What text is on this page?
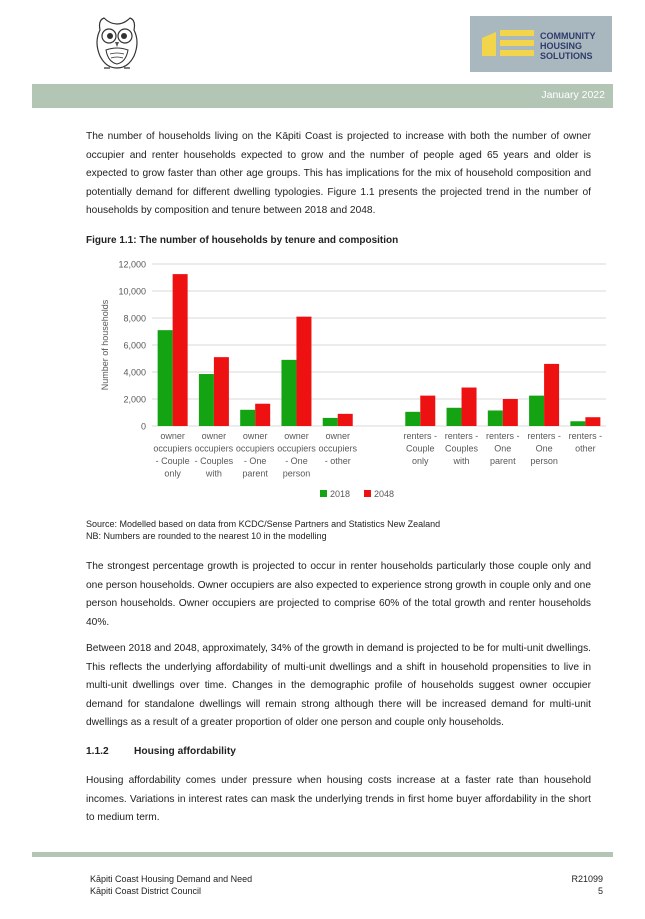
COMMUNITY
HOUSING
SOLUTIONS
January 2022
The number of households living on the Kāpiti Coast is projected to increase with both the number of owner occupier and renter households expected to grow and the number of people aged 65 years and older is expected to grow faster than other age groups. This has implications for the mix of household composition and potentially demand for different dwelling typologies. Figure 1.1 presents the projected trend in the number of households by composition and tenure between 2018 and 2048.
Figure 1.1: The number of households by tenure and composition
0
2,000
4,000
6,000
8,000
10,000
12,000
Number of households
owner
occupiers
- Couple
only
owner
occupiers
- Couples
with
owner
occupiers
- One
parent
owner
occupiers
- One
person
owner
occupiers
- other
renters -
Couple
only
renters -
Couples
with
renters -
One
parent
renters -
One
person
renters -
other
2018	2048
Source: Modelled based on data from KCDC/Sense Partners and Statistics New Zealand
NB: Numbers are rounded to the nearest 10 in the modelling
The strongest percentage growth is projected to occur in renter households particularly those couple only and one person households. Owner occupiers are also expected to experience strong growth in couple only and one person households. Owner occupiers are projected to comprise 60% of the total growth and renter households 40%.
Between 2018 and 2048, approximately, 34% of the growth in demand is projected to be for multi-unit dwellings. This reflects the underlying affordability of multi-unit dwellings and a shift in household propensities to live in multi-unit dwellings over time. Changes in the demographic profile of households suggest owner occupier demand for standalone dwellings will remain strong although there will be increased demand for multi-unit dwellings as a result of a greater proportion of older one person and couple only households.
1.1.2 Housing affordability
Housing affordability comes under pressure when housing costs increase at a faster rate than household incomes. Variations in interest rates can mask the underlying trends in first home buyer affordability in the short to medium term.
Kāpiti Coast Housing Demand and Need
Kāpiti Coast District Council
R21099
5
